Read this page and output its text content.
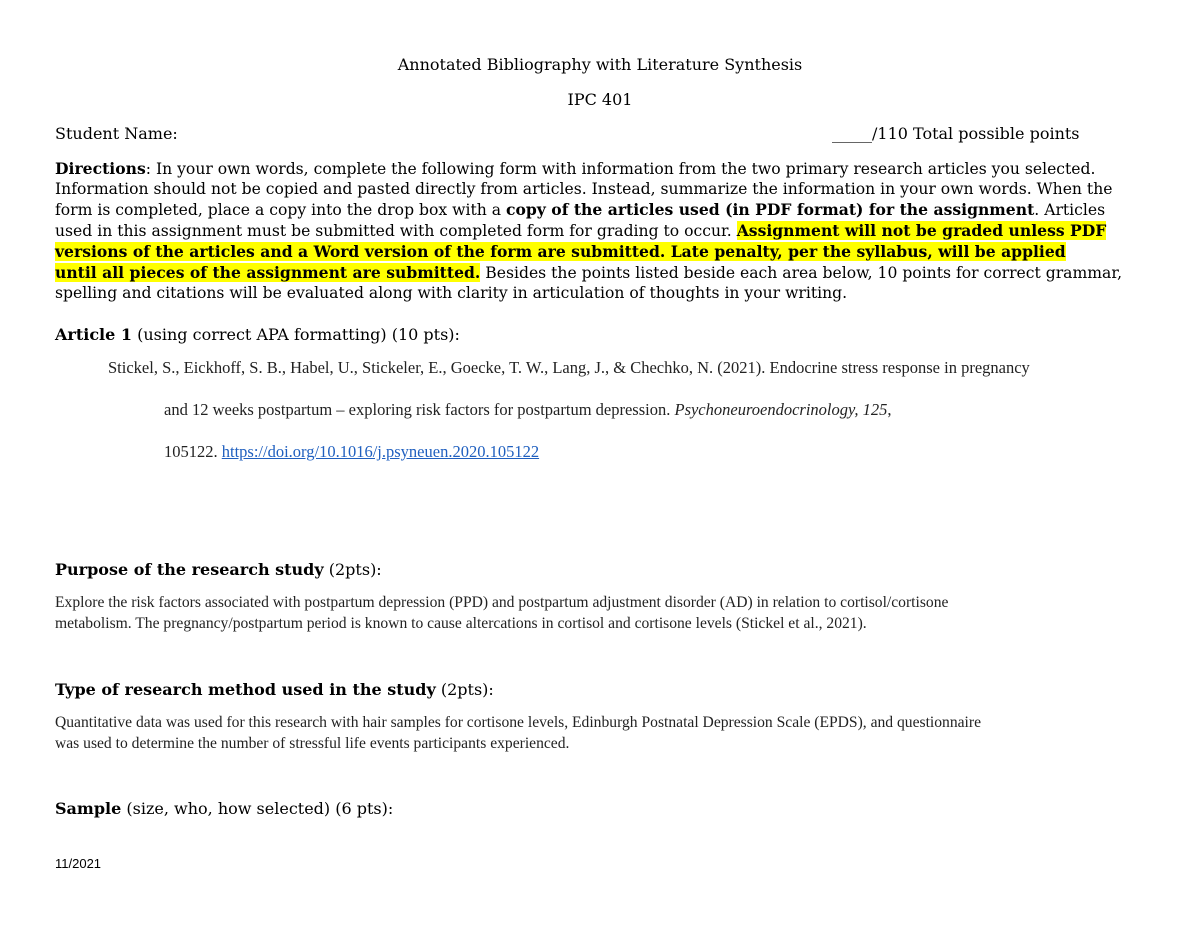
Annotated Bibliography with Literature Synthesis
IPC 401
Student Name:	_____/110 Total possible points
Directions: In your own words, complete the following form with information from the two primary research articles you selected.
Information should not be copied and pasted directly from articles. Instead, summarize the information in your own words. When the
form is completed, place a copy into the drop box with a copy of the articles used (in PDF format) for the assignment. Articles
used in this assignment must be submitted with completed form for grading to occur. Assignment will not be graded unless PDF
versions of the articles and a Word version of the form are submitted. Late penalty, per the syllabus, will be applied
until all pieces of the assignment are submitted. Besides the points listed beside each area below, 10 points for correct grammar,
spelling and citations will be evaluated along with clarity in articulation of thoughts in your writing.
Article 1 (using correct APA formatting) (10 pts):
Stickel, S., Eickhoff, S. B., Habel, U., Stickeler, E., Goecke, T. W., Lang, J., & Chechko, N. (2021). Endocrine stress response in pregnancy
and 12 weeks postpartum – exploring risk factors for postpartum depression. Psychoneuroendocrinology, 125,
105122. https://doi.org/10.1016/j.psyneuen.2020.105122
Purpose of the research study (2pts):
Explore the risk factors associated with postpartum depression (PPD) and postpartum adjustment disorder (AD) in relation to cortisol/cortisone
metabolism. The pregnancy/postpartum period is known to cause altercations in cortisol and cortisone levels (Stickel et al., 2021).
Type of research method used in the study (2pts):
Quantitative data was used for this research with hair samples for cortisone levels, Edinburgh Postnatal Depression Scale (EPDS), and questionnaire
was used to determine the number of stressful life events participants experienced.
Sample (size, who, how selected) (6 pts):
11/2021
